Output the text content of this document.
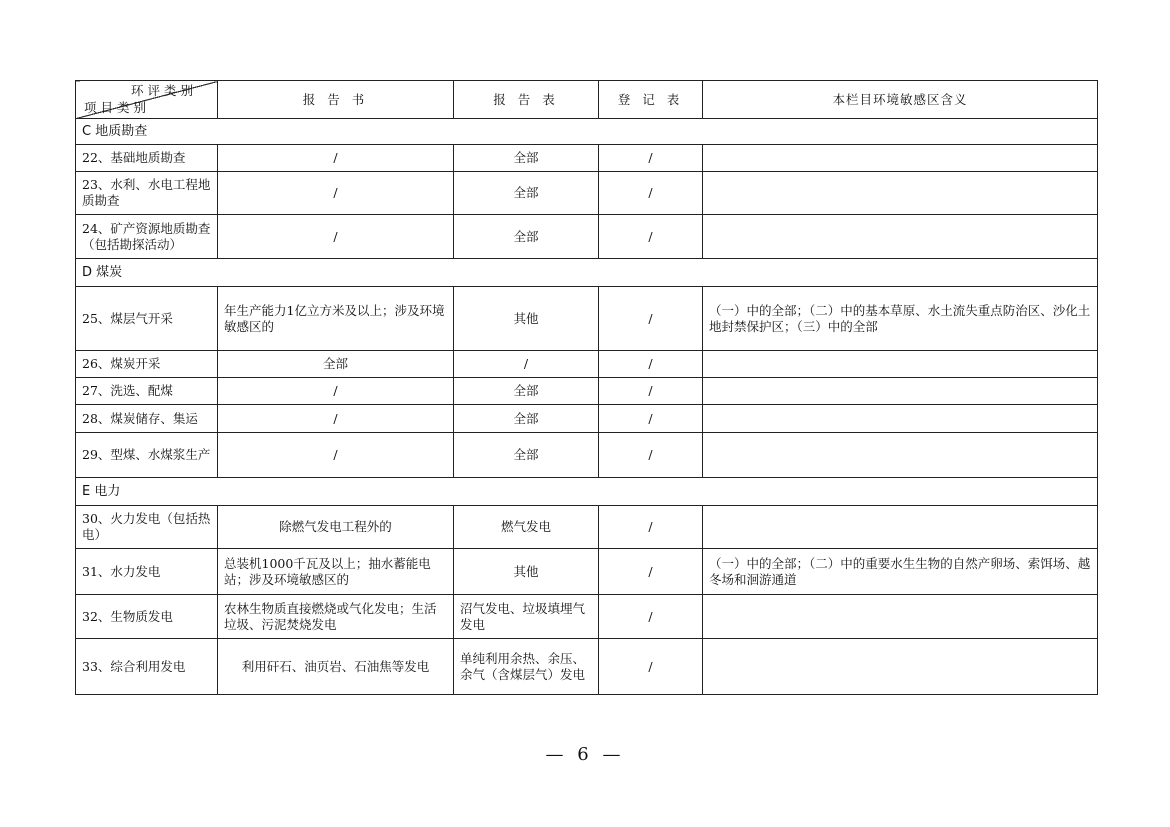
环评类别
项目类别	报 告 书	报 告 表	登 记 表	本栏目环境敏感区含义
C 地质勘查				
22、基础地质勘查	/	全部	/	
23、水利、水电工程地质勘查	/	全部	/	
24、矿产资源地质勘查（包括勘探活动）	/	全部	/	
D 煤炭				
25、煤层气开采	年生产能力1亿立方米及以上；涉及环境敏感区的	其他	/	（一）中的全部；（二）中的基本草原、水土流失重点防治区、沙化土地封禁保护区；（三）中的全部
26、煤炭开采	全部	/	/	
27、洗选、配煤	/	全部	/	
28、煤炭储存、集运	/	全部	/	
29、型煤、水煤浆生产	/	全部	/	
E 电力				
30、火力发电（包括热电）	除燃气发电工程外的	燃气发电	/	
31、水力发电	总装机1000千瓦及以上；抽水蓄能电站；涉及环境敏感区的	其他	/	（一）中的全部；（二）中的重要水生生物的自然产卵场、索饵场、越冬场和洄游通道
32、生物质发电	农林生物质直接燃烧或气化发电；生活垃圾、污泥焚烧发电	沼气发电、垃圾填埋气发电	/	
33、综合利用发电	利用矸石、油页岩、石油焦等发电	单纯利用余热、余压、余气（含煤层气）发电	/	
— 6 —
